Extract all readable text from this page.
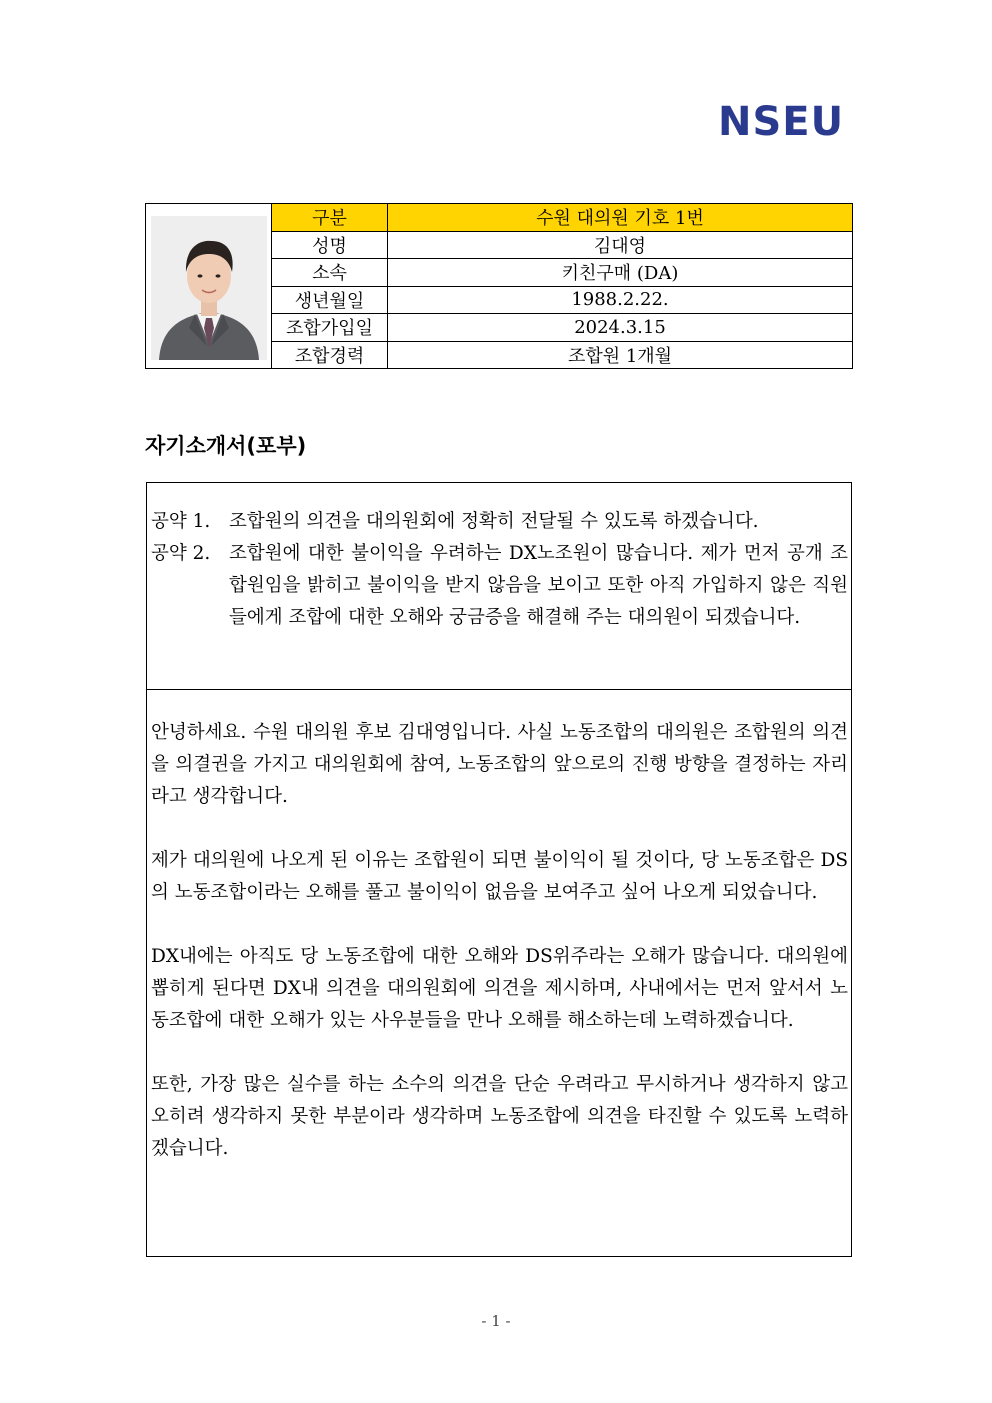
NSEU
구분	수원 대의원 기호 1번
성명	김대영
소속	키친구매 (DA)
생년월일	1988.2.22.
조합가입일	2024.3.15
조합경력	조합원 1개월
자기소개서(포부)
공약 1.	조합원의 의견을 대의원회에 정확히 전달될 수 있도록 하겠습니다.
공약 2.	조합원에 대한 불이익을 우려하는 DX노조원이 많습니다. 제가 먼저 공개 조합원임을 밝히고 불이익을 받지 않음을 보이고 또한 아직 가입하지 않은 직원들에게 조합에 대한 오해와 궁금증을 해결해 주는 대의원이 되겠습니다.

안녕하세요. 수원 대의원 후보 김대영입니다. 사실 노동조합의 대의원은 조합원의 의견을 의결권을 가지고 대의원회에 참여, 노동조합의 앞으로의 진행 방향을 결정하는 자리라고 생각합니다.

제가 대의원에 나오게 된 이유는 조합원이 되면 불이익이 될 것이다, 당 노동조합은 DS의 노동조합이라는 오해를 풀고 불이익이 없음을 보여주고 싶어 나오게 되었습니다.

DX내에는 아직도 당 노동조합에 대한 오해와 DS위주라는 오해가 많습니다. 대의원에 뽑히게 된다면 DX내 의견을 대의원회에 의견을 제시하며, 사내에서는 먼저 앞서서 노동조합에 대한 오해가 있는 사우분들을 만나 오해를 해소하는데 노력하겠습니다.

또한, 가장 많은 실수를 하는 소수의 의견을 단순 우려라고 무시하거나 생각하지 않고 오히려 생각하지 못한 부분이라 생각하며 노동조합에 의견을 타진할 수 있도록 노력하겠습니다.

- 1 -
